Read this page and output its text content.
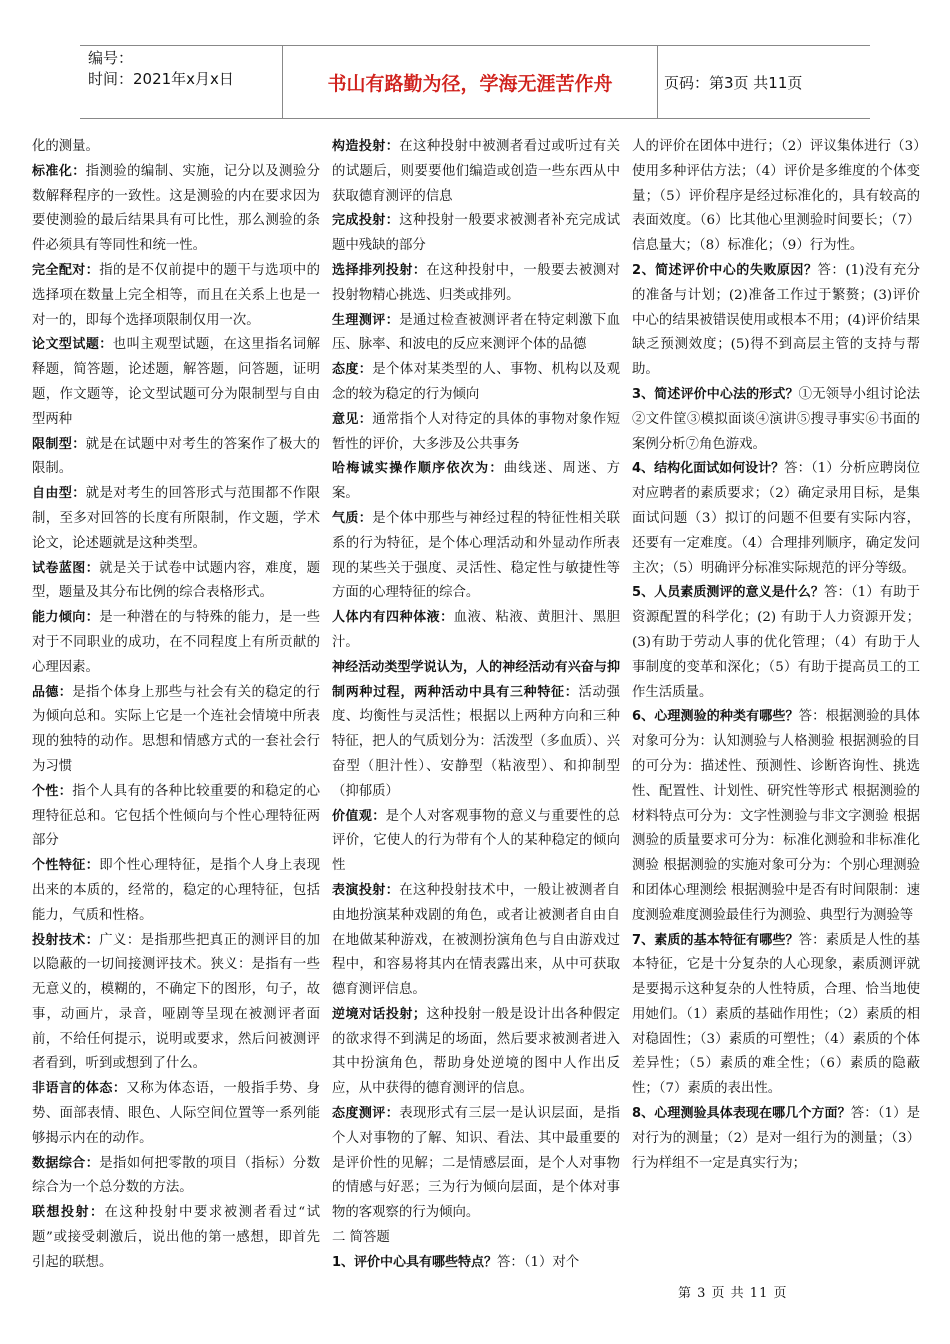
编号：
时间：2021年x月x日	书山有路勤为径，学海无涯苦作舟	页码：第3页 共11页

化的测量。

标准化：指测验的编制、实施，记分以及测验分数解释程序的一致性。这是测验的内在要求因为要使测验的最后结果具有可比性，那么测验的条件必须具有等同性和统一性。

完全配对：指的是不仅前提中的题干与选项中的选择项在数量上完全相等，而且在关系上也是一对一的，即每个选择项限制仅用一次。

论文型试题：也叫主观型试题，在这里指名词解释题，简答题，论述题，解答题，问答题，证明题，作文题等，论文型试题可分为限制型与自由型两种

限制型：就是在试题中对考生的答案作了极大的限制。

自由型：就是对考生的回答形式与范围都不作限制，至多对回答的长度有所限制，作文题，学术论文，论述题就是这种类型。

试卷蓝图：就是关于试卷中试题内容，难度，题型，题量及其分布比例的综合表格形式。

能力倾向：是一种潜在的与特殊的能力，是一些对于不同职业的成功，在不同程度上有所贡献的心理因素。

品德：是指个体身上那些与社会有关的稳定的行为倾向总和。实际上它是一个连社会情境中所表现的独特的动作。思想和情感方式的一套社会行为习惯

个性：指个人具有的各种比较重要的和稳定的心理特征总和。它包括个性倾向与个性心理特征两部分

个性特征：即个性心理特征，是指个人身上表现出来的本质的，经常的，稳定的心理特征，包括能力，气质和性格。

投射技术：广义：是指那些把真正的测评目的加以隐蔽的一切间接测评技术。狭义：是指有一些无意义的，模糊的，不确定下的图形，句子，故事，动画片，录音，哑剧等呈现在被测评者面前，不给任何提示，说明或要求，然后问被测评者看到，听到或想到了什么。

非语言的体态：又称为体态语，一般指手势、身势、面部表情、眼色、人际空间位置等一系列能够揭示内在的动作。

数据综合：是指如何把零散的项目（指标）分数综合为一个总分数的方法。

联想投射：在这种投射中要求被测者看过“试题”或接受刺激后，说出他的第一感想，即首先引起的联想。

构造投射：在这种投射中被测者看过或听过有关的试题后，则要要他们编造或创造一些东西从中获取德育测评的信息

完成投射：这种投射一般要求被测者补充完成试题中残缺的部分

选择排列投射：在这种投射中，一般要去被测对投射物精心挑选、归类或排列。

生理测评：是通过检查被测评者在特定刺激下血压、脉率、和波电的反应来测评个体的品德

态度：是个体对某类型的人、事物、机构以及观念的较为稳定的行为倾向

意见：通常指个人对待定的具体的事物对象作短暂性的评价，大多涉及公共事务

哈梅诚实操作顺序依次为：曲线迷、周迷、方案。

气质：是个体中那些与神经过程的特征性相关联系的行为特征，是个体心理活动和外显动作所表现的某些关于强度、灵活性、稳定性与敏捷性等方面的心理特征的综合。

人体内有四种体液：血液、粘液、黄胆汁、黑胆汁。

神经活动类型学说认为，人的神经活动有兴奋与抑制两种过程，两种活动中具有三种特征：活动强度、均衡性与灵活性；根据以上两种方向和三种特征，把人的气质划分为：活泼型（多血质）、兴奋型（胆汁性）、安静型（粘液型）、和抑制型（抑郁质）

价值观：是个人对客观事物的意义与重要性的总评价，它使人的行为带有个人的某种稳定的倾向性

表演投射：在这种投射技术中，一般让被测者自由地扮演某种戏剧的角色，或者让被测者自由自在地做某种游戏，在被测扮演角色与自由游戏过程中，和容易将其内在情表露出来，从中可获取德育测评信息。

逆境对话投射；这种投射一般是设计出各种假定的欲求得不到满足的场面，然后要求被测者进入其中扮演角色，帮助身处逆境的图中人作出反应，从中获得的德育测评的信息。

态度测评：表现形式有三层一是认识层面，是指个人对事物的了解、知识、看法、其中最重要的是评价性的见解；二是情感层面，是个人对事物的情感与好恶；三为行为倾向层面，是个体对事物的客观察的行为倾向。

二 简答题

1、评价中心具有哪些特点？答：（1）对个

人的评价在团体中进行；（2）评议集体进行（3）使用多种评估方法；（4）评价是多维度的个体变量；（5）评价程序是经过标准化的，具有较高的表面效度。（6）比其他心里测验时间要长；（7）信息量大；（8）标准化；（9）行为性。

2、简述评价中心的失败原因？答：(1)没有充分的准备与计划；(2)准备工作过于繁赘；(3)评价中心的结果被错误使用或根本不用；(4)评价结果缺乏预测效度；(5)得不到高层主管的支持与帮助。

3、简述评价中心法的形式？①无领导小组讨论法②文件筐③模拟面谈④演讲⑤搜寻事实⑥书面的案例分析⑦角色游戏。

4、结构化面试如何设计？答：（1）分析应聘岗位对应聘者的素质要求；（2）确定录用目标，是集面试问题（3）拟订的问题不但要有实际内容，还要有一定难度。（4）合理排列顺序，确定发问主次；（5）明确评分标准实际规范的评分等级。

5、人员素质测评的意义是什么？答：（1）有助于资源配置的科学化；(2) 有助于人力资源开发；(3)有助于劳动人事的优化管理；（4）有助于人事制度的变革和深化；（5）有助于提高员工的工作生活质量。

6、心理测验的种类有哪些？答：根据测验的具体对象可分为：认知测验与人格测验 根据测验的目的可分为：描述性、预测性、诊断咨询性、挑选性、配置性、计划性、研究性等形式 根据测验的材料特点可分为：文字性测验与非文字测验 根据测验的质量要求可分为：标准化测验和非标准化测验 根据测验的实施对象可分为：个别心理测验和团体心理测绘 根据测验中是否有时间限制：速度测验难度测验最佳行为测验、典型行为测验等

7、素质的基本特征有哪些？答：素质是人性的基本特征，它是十分复杂的人心现象，素质测评就是要揭示这种复杂的人性特质，合理、恰当地使用她们。（1）素质的基础作用性；（2）素质的相对稳固性；（3）素质的可塑性；（4）素质的个体差异性；（5）素质的难全性；（6）素质的隐蔽性；（7）素质的表出性。

8、心理测验具体表现在哪几个方面？答：（1）是对行为的测量；（2）是对一组行为的测量；（3）行为样组不一定是真实行为；

第 3 页 共 11 页
